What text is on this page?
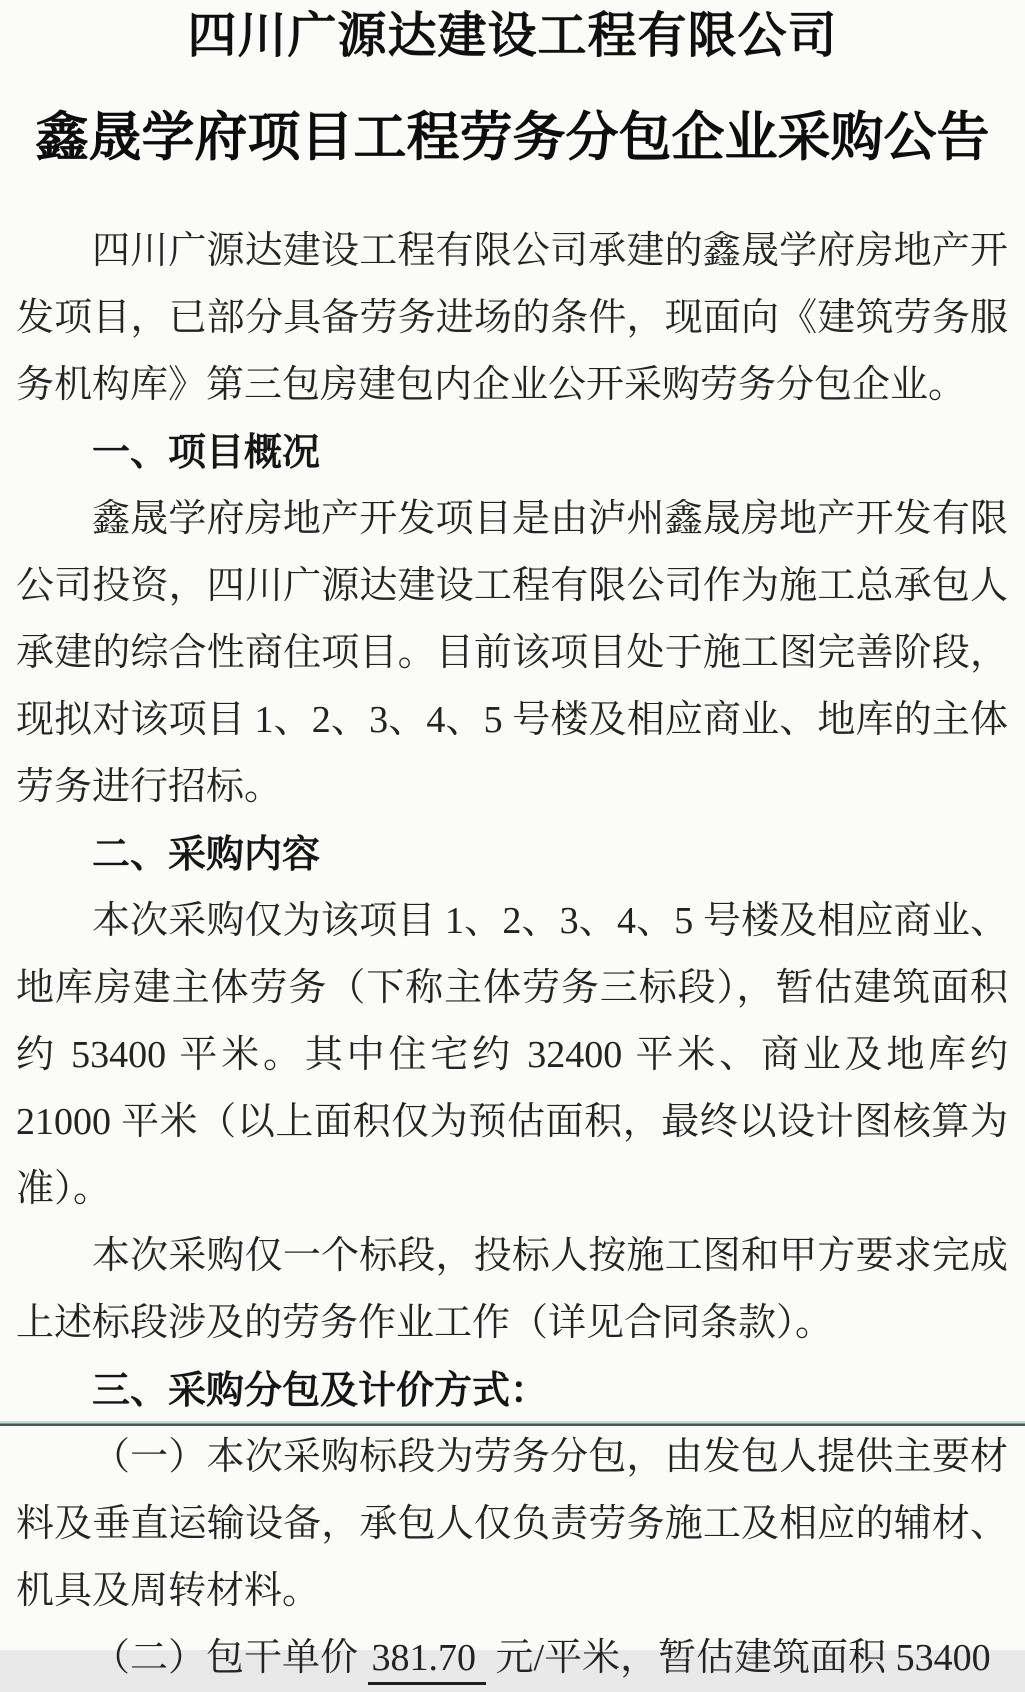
四川广源达建设工程有限公司
鑫晟学府项目工程劳务分包企业采购公告

四川广源达建设工程有限公司承建的鑫晟学府房地产开发项目，已部分具备劳务进场的条件，现面向《建筑劳务服务机构库》第三包房建包内企业公开采购劳务分包企业。

一、项目概况

鑫晟学府房地产开发项目是由泸州鑫晟房地产开发有限公司投资，四川广源达建设工程有限公司作为施工总承包人承建的综合性商住项目。目前该项目处于施工图完善阶段，现拟对该项目 1、2、3、4、5 号楼及相应商业、地库的主体劳务进行招标。

二、采购内容

本次采购仅为该项目 1、2、3、4、5 号楼及相应商业、地库房建主体劳务（下称主体劳务三标段），暂估建筑面积约 53400 平米。其中住宅约 32400 平米、商业及地库约 21000 平米（以上面积仅为预估面积，最终以设计图核算为准）。

本次采购仅一个标段，投标人按施工图和甲方要求完成上述标段涉及的劳务作业工作（详见合同条款）。

三、采购分包及计价方式：

（一）本次采购标段为劳务分包，由发包人提供主要材料及垂直运输设备，承包人仅负责劳务施工及相应的辅材、机具及周转材料。

（二）包干单价 381.70 元/平米，暂估建筑面积 53400
